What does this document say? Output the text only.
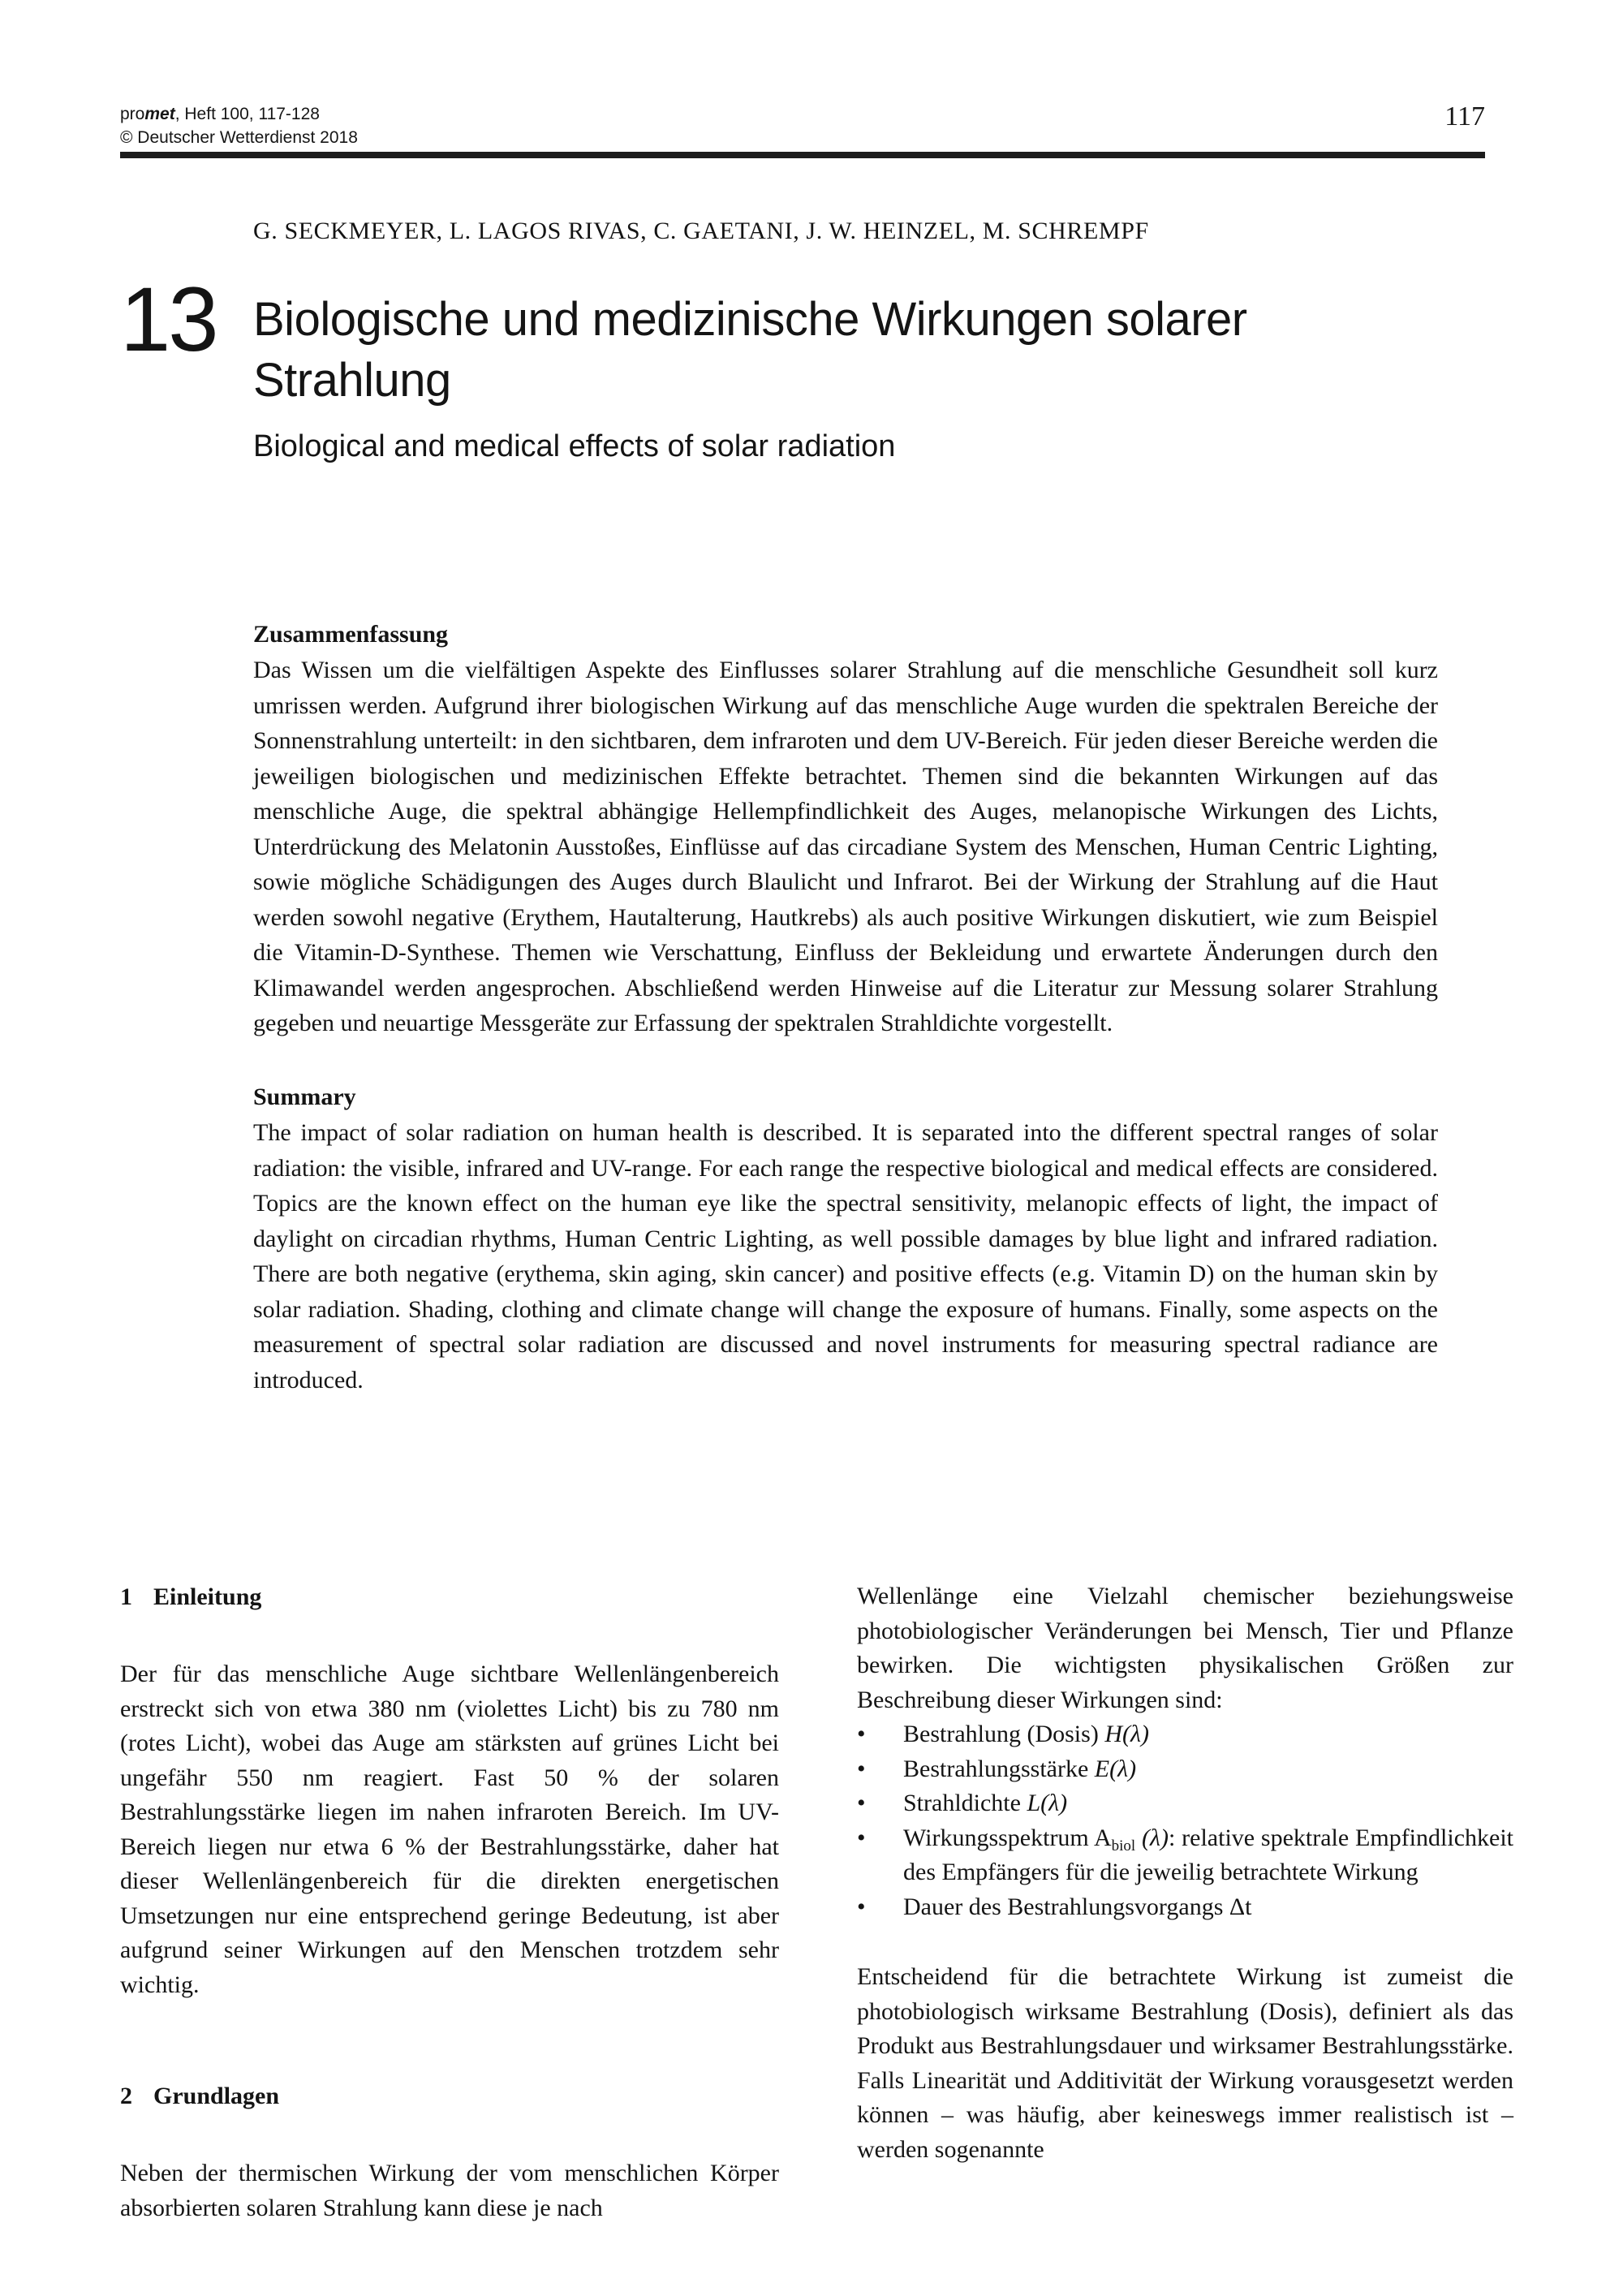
promet, Heft 100, 117-128
© Deutscher Wetterdienst 2018
117
G. SECKMEYER, L. LAGOS RIVAS, C. GAETANI, J. W. HEINZEL, M. SCHREMPF
13 Biologische und medizinische Wirkungen solarer Strahlung
Biological and medical effects of solar radiation
Zusammenfassung

Das Wissen um die vielfältigen Aspekte des Einflusses solarer Strahlung auf die menschliche Gesundheit soll kurz umrissen werden. Aufgrund ihrer biologischen Wirkung auf das menschliche Auge wurden die spektralen Bereiche der Sonnenstrahlung unterteilt: in den sichtbaren, dem infraroten und dem UV-Bereich. Für jeden dieser Bereiche werden die jeweiligen biologischen und medizinischen Effekte betrachtet. Themen sind die bekannten Wirkungen auf das menschliche Auge, die spektral abhängige Hellempfindlichkeit des Auges, melanopische Wirkungen des Lichts, Unterdrückung des Melatonin Ausstoßes, Einflüsse auf das circadiane System des Menschen, Human Centric Lighting, sowie mögliche Schädigungen des Auges durch Blaulicht und Infrarot. Bei der Wirkung der Strahlung auf die Haut werden sowohl negative (Erythem, Hautalterung, Hautkrebs) als auch positive Wirkungen diskutiert, wie zum Beispiel die Vitamin-D-Synthese. Themen wie Verschattung, Einfluss der Bekleidung und erwartete Änderungen durch den Klimawandel werden angesprochen. Abschließend werden Hinweise auf die Literatur zur Messung solarer Strahlung gegeben und neuartige Messgeräte zur Erfassung der spektralen Strahldichte vorgestellt.

Summary

The impact of solar radiation on human health is described. It is separated into the different spectral ranges of solar radiation: the visible, infrared and UV-range. For each range the respective biological and medical effects are considered. Topics are the known effect on the human eye like the spectral sensitivity, melanopic effects of light, the impact of daylight on circadian rhythms, Human Centric Lighting, as well possible damages by blue light and infrared radiation. There are both negative (erythema, skin aging, skin cancer) and positive effects (e.g. Vitamin D) on the human skin by solar radiation. Shading, clothing and climate change will change the exposure of humans. Finally, some aspects on the measurement of spectral solar radiation are discussed and novel instruments for measuring spectral radiance are introduced.

1 Einleitung

Der für das menschliche Auge sichtbare Wellenlängenbereich erstreckt sich von etwa 380 nm (violettes Licht) bis zu 780 nm (rotes Licht), wobei das Auge am stärksten auf grünes Licht bei ungefähr 550 nm reagiert. Fast 50 % der solaren Bestrahlungsstärke liegen im nahen infraroten Bereich. Im UV-Bereich liegen nur etwa 6 % der Bestrahlungsstärke, daher hat dieser Wellenlängenbereich für die direkten energetischen Umsetzungen nur eine entsprechend geringe Bedeutung, ist aber aufgrund seiner Wirkungen auf den Menschen trotzdem sehr wichtig.

2 Grundlagen

Neben der thermischen Wirkung der vom menschlichen Körper absorbierten solaren Strahlung kann diese je nach

Wellenlänge eine Vielzahl chemischer beziehungsweise photobiologischer Veränderungen bei Mensch, Tier und Pflanze bewirken. Die wichtigsten physikalischen Größen zur Beschreibung dieser Wirkungen sind:

•	Bestrahlung (Dosis) H(λ)
•	Bestrahlungsstärke E(λ)
•	Strahldichte L(λ)
•	Wirkungsspektrum $A_{biol}$ (λ): relative spektrale Empfindlichkeit des Empfängers für die jeweilig betrachtete Wirkung
•	Dauer des Bestrahlungsvorgangs Δt

Entscheidend für die betrachtete Wirkung ist zumeist die photobiologisch wirksame Bestrahlung (Dosis), definiert als das Produkt aus Bestrahlungsdauer und wirksamer Bestrahlungsstärke. Falls Linearität und Additivität der Wirkung vorausgesetzt werden können – was häufig, aber keineswegs immer realistisch ist – werden sogenannte
